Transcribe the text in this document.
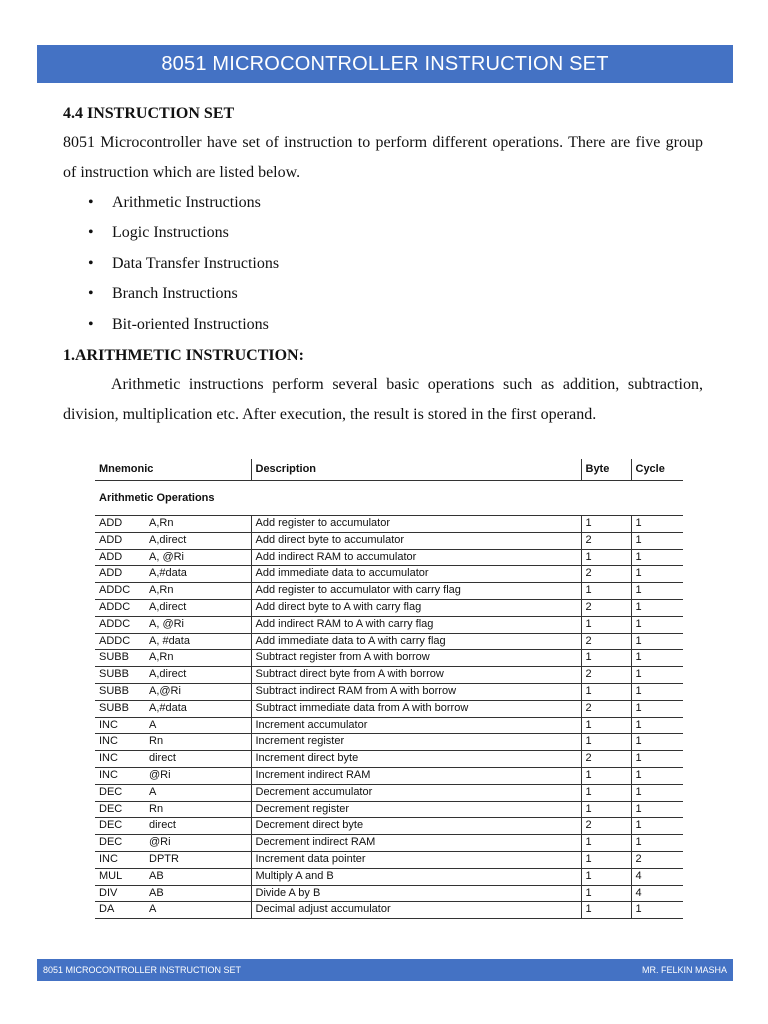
8051 MICROCONTROLLER INSTRUCTION SET

4.4 INSTRUCTION SET

8051 Microcontroller have set of instruction to perform different operations. There are five group of instruction which are listed below.

• Arithmetic Instructions
• Logic Instructions
• Data Transfer Instructions
• Branch Instructions
• Bit-oriented Instructions

1.ARITHMETIC INSTRUCTION:

Arithmetic instructions perform several basic operations such as addition, subtraction, division, multiplication etc. After execution, the result is stored in the first operand.

Mnemonic	Description	Byte	Cycle
Arithmetic Operations			
ADD A,Rn	Add register to accumulator	1	1
ADD A,direct	Add direct byte to accumulator	2	1
ADD A, @Ri	Add indirect RAM to accumulator	1	1
ADD A,#data	Add immediate data to accumulator	2	1
ADDC A,Rn	Add register to accumulator with carry flag	1	1
ADDC A,direct	Add direct byte to A with carry flag	2	1
ADDC A, @Ri	Add indirect RAM to A with carry flag	1	1
ADDC A, #data	Add immediate data to A with carry flag	2	1
SUBB A,Rn	Subtract register from A with borrow	1	1
SUBB A,direct	Subtract direct byte from A with borrow	2	1
SUBB A,@Ri	Subtract indirect RAM from A with borrow	1	1
SUBB A,#data	Subtract immediate data from A with borrow	2	1
INC A	Increment accumulator	1	1
INC Rn	Increment register	1	1
INC direct	Increment direct byte	2	1
INC @Ri	Increment indirect RAM	1	1
DEC A	Decrement accumulator	1	1
DEC Rn	Decrement register	1	1
DEC direct	Decrement direct byte	2	1
DEC @Ri	Decrement indirect RAM	1	1
INC DPTR	Increment data pointer	1	2
MUL AB	Multiply A and B	1	4
DIV AB	Divide A by B	1	4
DA A	Decimal adjust accumulator	1	1
8051 MICROCONTROLLER INSTRUCTION SET	MR. FELKIN MASHA
